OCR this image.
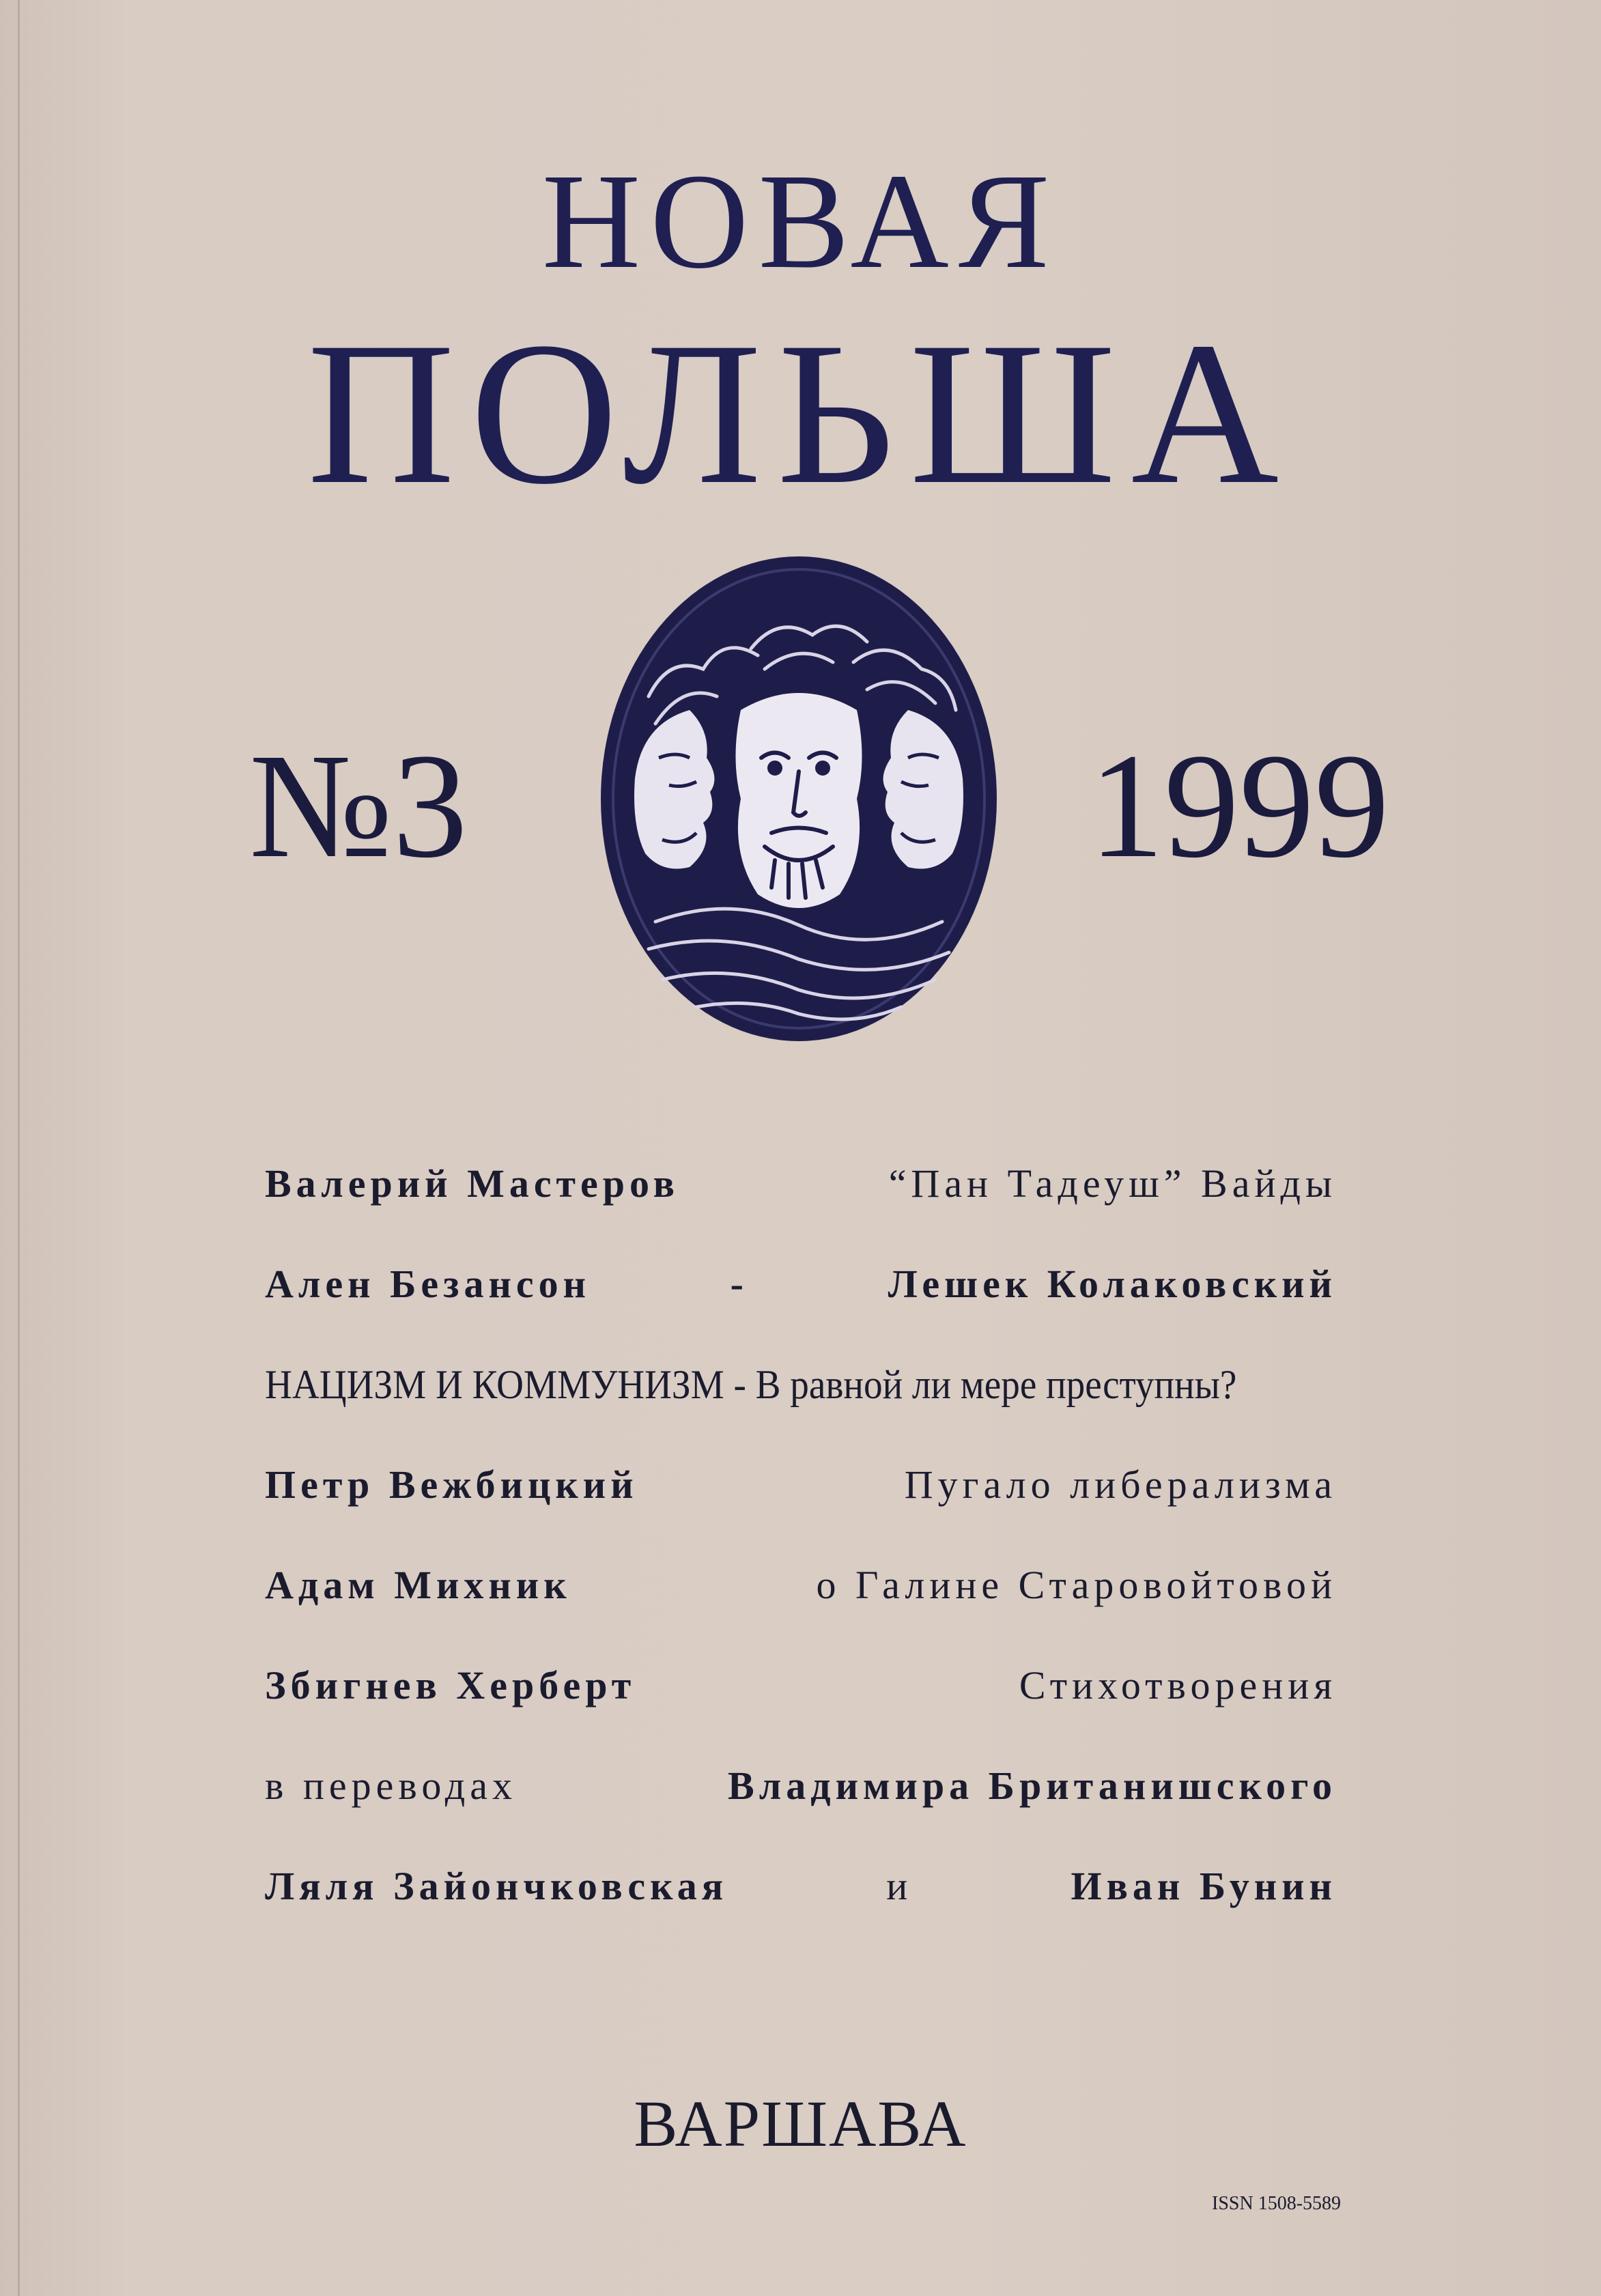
НОВАЯ
ПОЛЬША
№3	1999
Валерий Мастеров	“Пан Тадеуш” Вайды
Ален Безансон	-	Лешек Колаковский
НАЦИЗМ И КОММУНИЗМ - В равной ли мере преступны?
Петр Вежбицкий	Пугало либерализма
Адам Михник	о Галине Старовойтовой
Збигнев Херберт	Стихотворения
в переводах	Владимира Британишского
Ляля Зайончковская	и	Иван Бунин
ВАРШАВА
ISSN 1508-5589
